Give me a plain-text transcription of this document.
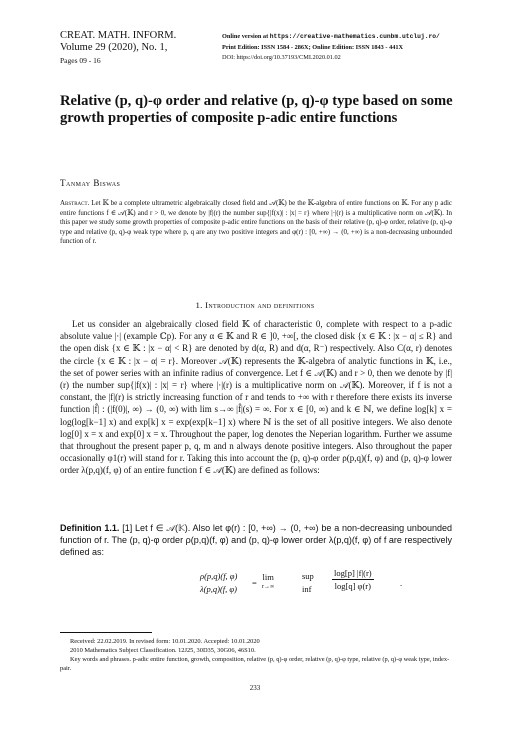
CREAT. MATH. INFORM.
Volume 29 (2020), No. 1,
Pages 09 - 16
Online version at https://creative-mathematics.cunbm.utcluj.ro/
Print Edition: ISSN 1584 - 286X; Online Edition: ISSN 1843 - 441X
DOI: https://doi.org/10.37193/CMI.2020.01.02
Relative (p, q)-φ order and relative (p, q)-φ type based on some growth properties of composite p-adic entire functions
Tanmay Biswas
Abstract. Let 𝕂 be a complete ultrametric algebraically closed field and 𝒜(𝕂) be the 𝕂-algebra of entire functions on 𝕂. For any p adic entire functions f ∈ 𝒜(𝕂) and r > 0, we denote by |f|(r) the number sup{|f(x)| : |x| = r} where |·|(r) is a multiplicative norm on 𝒜(𝕂). In this paper we study some growth properties of composite p-adic entire functions on the basis of their relative (p, q)-φ order, relative (p, q)-φ type and relative (p, q)-φ weak type where p, q are any two positive integers and φ(r) : [0, +∞) → (0, +∞) is a non-decreasing unbounded function of r.
1. Introduction and definitions

Let us consider an algebraically closed field 𝕂 of characteristic 0, complete with respect to a p-adic absolute value |·| (example ℂp). For any α ∈ 𝕂 and R ∈ ]0, +∞[, the closed disk {x ∈ 𝕂 : |x − α| ≤ R} and the open disk {x ∈ 𝕂 : |x − α| < R} are denoted by d(α, R) and d(α, R⁻) respectively. Also C(α, r) denotes the circle {x ∈ 𝕂 : |x − α| = r}. Moreover 𝒜(𝕂) represents the 𝕂-algebra of analytic functions in 𝕂, i.e., the set of power series with an infinite radius of convergence. Let f ∈ 𝒜(𝕂) and r > 0, then we denote by |f|(r) the number sup{|f(x)| : |x| = r} where |·|(r) is a multiplicative norm on 𝒜(𝕂). Moreover, if f is not a constant, the |f|(r) is strictly increasing function of r and tends to +∞ with r therefore there exists its inverse function |f̂| : (|f(0)|, ∞) → (0, ∞) with lim s→∞ |f̂|(s) = ∞. For x ∈ [0, ∞) and k ∈ ℕ, we define log[k] x = log(log[k−1] x) and exp[k] x = exp(exp[k−1] x) where ℕ is the set of all positive integers. We also denote log[0] x = x and exp[0] x = x. Throughout the paper, log denotes the Neperian logarithm. Further we assume that throughout the present paper p, q, m and n always denote positive integers. Also throughout the paper occasionally φ1(r) will stand for r. Taking this into account the (p, q)-φ order ρ(p,q)(f, φ) and (p, q)-φ lower order λ(p,q)(f, φ) of an entire function f ∈ 𝒜(𝕂) are defined as follows:

Definition 1.1. [1] Let f ∈ 𝒜(𝕂). Also let φ(r) : [0, +∞) → (0, +∞) be a non-decreasing unbounded function of r. The (p, q)-φ order ρ(p,q)(f, φ) and (p, q)-φ lower order λ(p,q)(f, φ) of f are respectively defined as:
ρ(p,q)(f, φ)
λ(p,q)(f, φ)
=
lim
r→∞
sup
inf $\frac{\log[p] |f|(r)}{\log[q] \varphi(r)}$	.

Received: 22.02.2019. In revised form: 10.01.2020. Accepted: 10.01.2020

2010 Mathematics Subject Classification. 12J25, 30D35, 30G06, 46S10.

Key words and phrases. p-adic entire function, growth, composition, relative (p, q)-φ order, relative (p, q)-φ type, relative (p, q)-φ weak type, index-pair.

233
